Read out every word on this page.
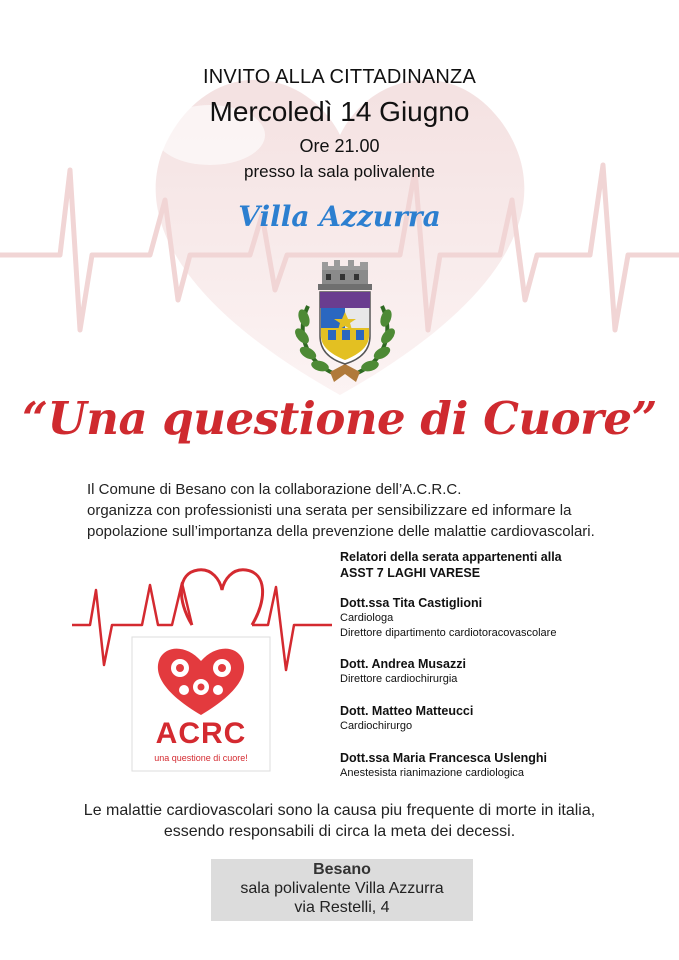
INVITO ALLA CITTADINANZA
Mercoledì 14 Giugno
Ore 21.00
presso la sala polivalente
Villa Azzurra
“Una questione di Cuore”
Il Comune di Besano con la collaborazione dell’A.C.R.C.
organizza con professionisti una serata per sensibilizzare ed informare la
popolazione sull’importanza della prevenzione delle malattie cardiovascolari.
ACRC
una questione di cuore!
Relatori della serata appartenenti alla
ASST 7 LAGHI VARESE
Dott.ssa Tita Castiglioni
Cardiologa
Direttore dipartimento cardiotoracovascolare
Dott. Andrea Musazzi
Direttore cardiochirurgia
Dott. Matteo Matteucci
Cardiochirurgo
Dott.ssa Maria Francesca Uslenghi
Anestesista rianimazione cardiologica
Le malattie cardiovascolari sono la causa piu frequente di morte in italia,
essendo responsabili di circa la meta dei decessi.
Besano
sala polivalente Villa Azzurra
via Restelli, 4
